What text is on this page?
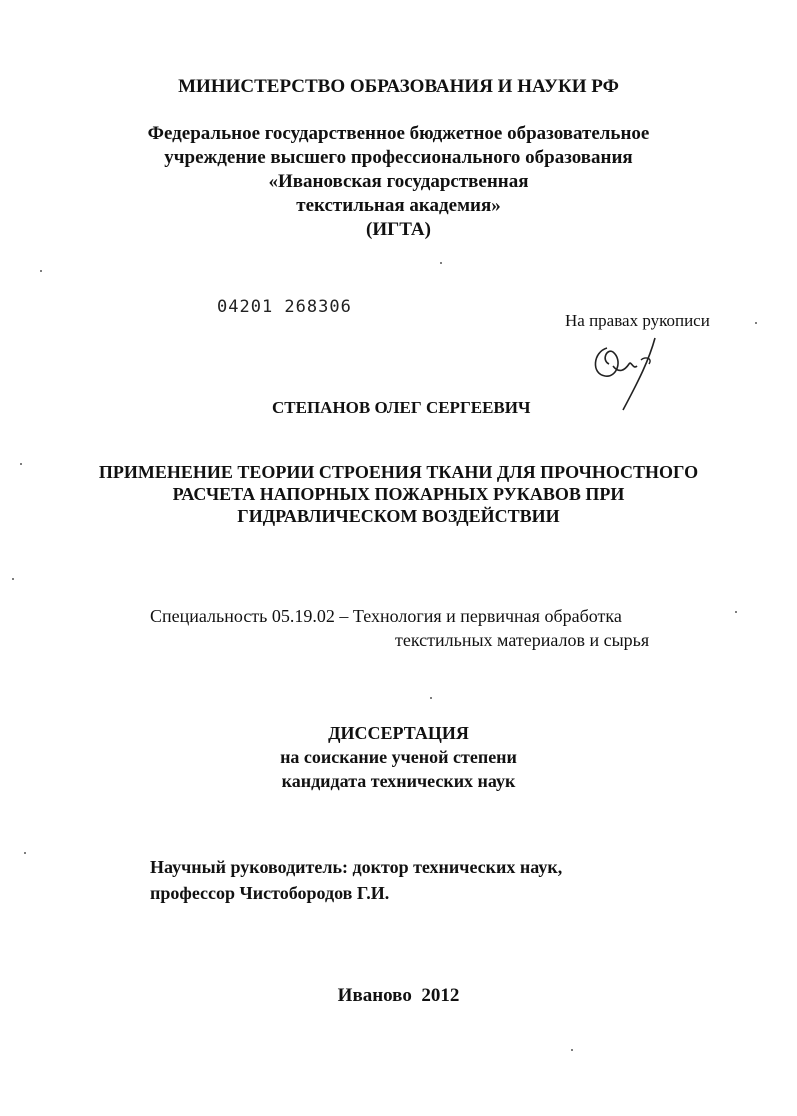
МИНИСТЕРСТВО ОБРАЗОВАНИЯ И НАУКИ РФ
Федеральное государственное бюджетное образовательное
учреждение высшего профессионального образования
«Ивановская государственная
текстильная академия»
(ИГТА)
04201 268306
На правах рукописи
СТЕПАНОВ ОЛЕГ СЕРГЕЕВИЧ
ПРИМЕНЕНИЕ ТЕОРИИ СТРОЕНИЯ ТКАНИ ДЛЯ ПРОЧНОСТНОГО
РАСЧЕТА НАПОРНЫХ ПОЖАРНЫХ РУКАВОВ ПРИ
ГИДРАВЛИЧЕСКОМ ВОЗДЕЙСТВИИ
Специальность 05.19.02 – Технология и первичная обработка
текстильных материалов и сырья
ДИССЕРТАЦИЯ
на соискание ученой степени
кандидата технических наук
Научный руководитель: доктор технических наук,
профессор Чистобородов Г.И.
Иваново  2012
